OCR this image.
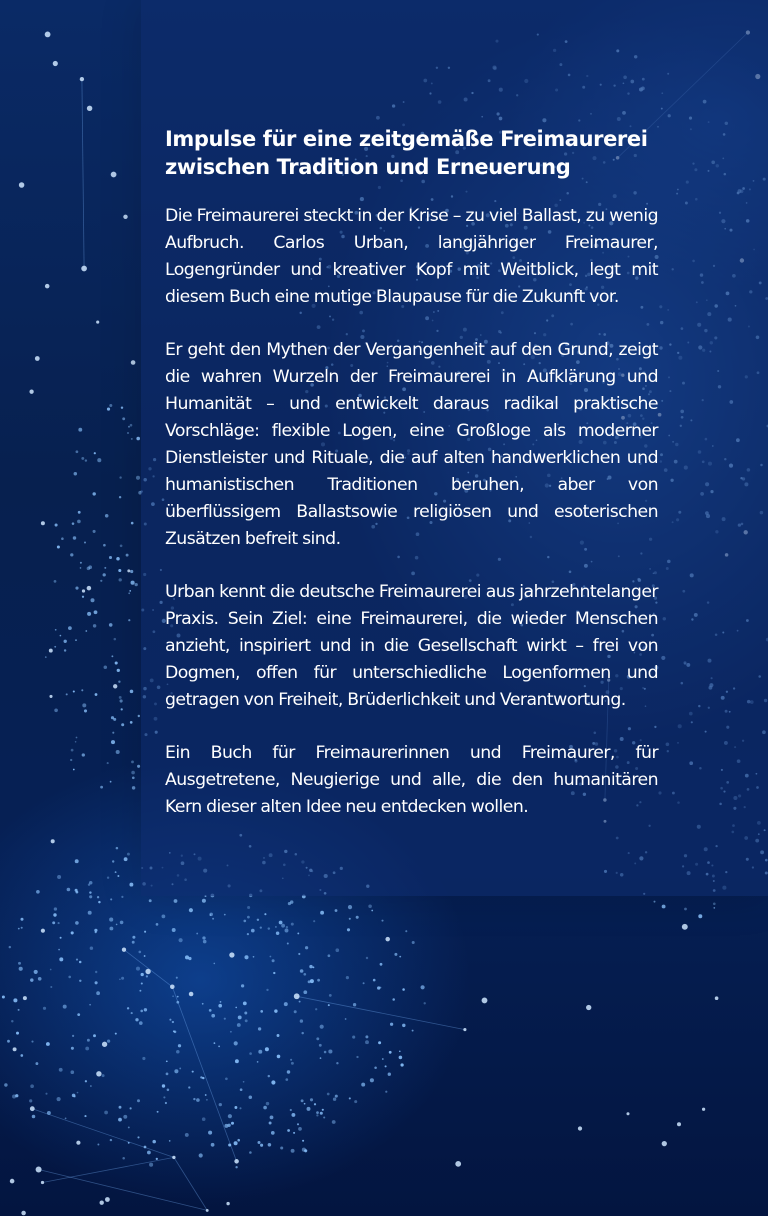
Impulse für eine zeitgemäße Freimaurerei
zwischen Tradition und Erneuerung

Die Freimaurerei steckt in der Krise – zu viel Ballast, zu wenig Aufbruch. Carlos Urban, langjähriger Freimaurer, Logengründer und kreativer Kopf mit Weitblick, legt mit diesem Buch eine mutige Blaupause für die Zukunft vor.

Er geht den Mythen der Vergangenheit auf den Grund, zeigt die wahren Wurzeln der Freimaurerei in Aufklärung und Humanität – und entwickelt daraus radikal praktische Vorschläge: flexible Logen, eine Großloge als moderner Dienstleister und Rituale, die auf alten handwerklichen und humanistischen Traditionen beruhen, aber von überflüssigem Ballastsowie religiösen und esoterischen Zusätzen befreit sind.

Urban kennt die deutsche Freimaurerei aus jahrzehntelanger Praxis. Sein Ziel: eine Freimaurerei, die wieder Menschen anzieht, inspiriert und in die Gesellschaft wirkt – frei von Dogmen, offen für unterschiedliche Logenformen und getragen von Freiheit, Brüderlichkeit und Verantwortung.

Ein Buch für Freimaurerinnen und Freimaurer, für Ausgetretene, Neugierige und alle, die den humanitären Kern dieser alten Idee neu entdecken wollen.
